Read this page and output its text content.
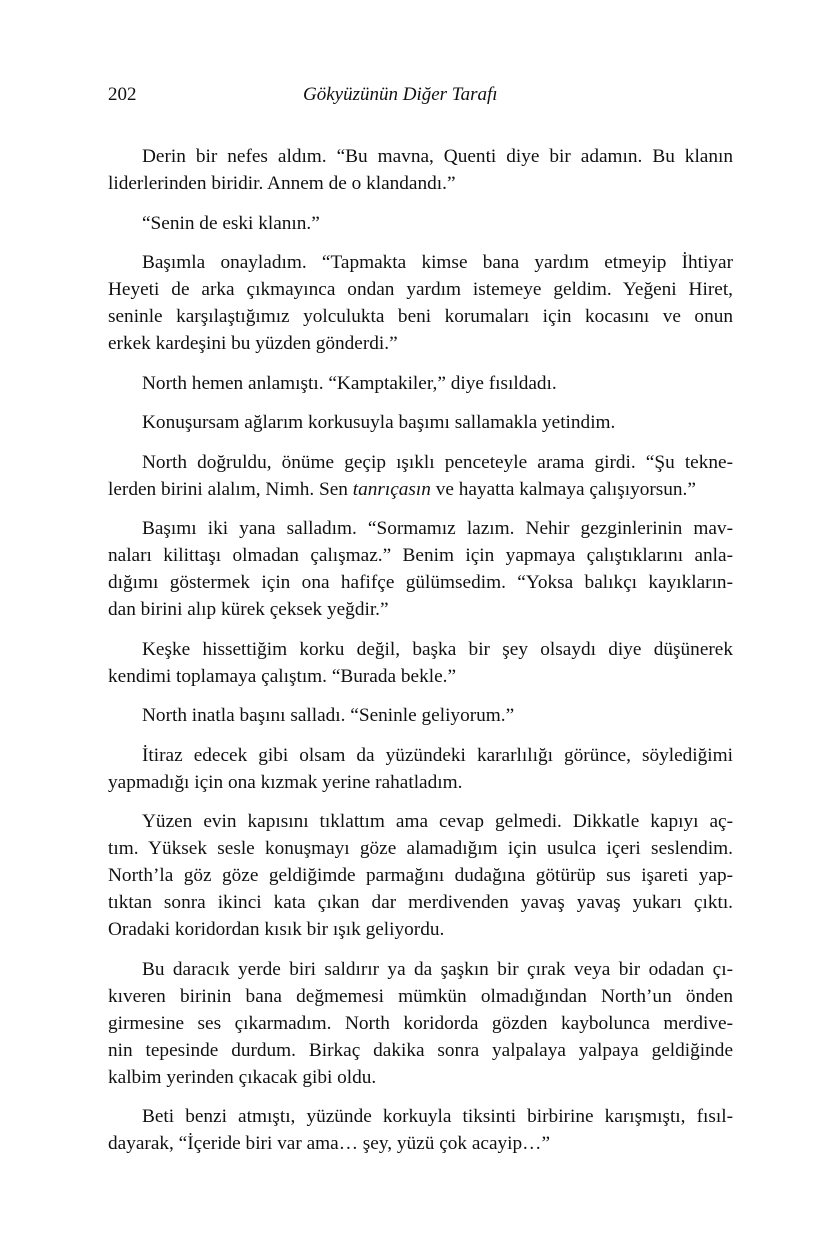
202	Gökyüzünün Diğer Tarafı
Derin bir nefes aldım. “Bu mavna, Quenti diye bir adamın. Bu klanın
liderlerinden biridir. Annem de o klandandı.”
“Senin de eski klanın.”
Başımla onayladım. “Tapmakta kimse bana yardım etmeyip İhtiyar
Heyeti de arka çıkmayınca ondan yardım istemeye geldim. Yeğeni Hiret,
seninle karşılaştığımız yolculukta beni korumaları için kocasını ve onun
erkek kardeşini bu yüzden gönderdi.”
North hemen anlamıştı. “Kamptakiler,” diye fısıldadı.
Konuşursam ağlarım korkusuyla başımı sallamakla yetindim.
North doğruldu, önüme geçip ışıklı penceteyle arama girdi. “Şu tekne-
lerden birini alalım, Nimh. Sen tanrıçasın ve hayatta kalmaya çalışıyorsun.”
Başımı iki yana salladım. “Sormamız lazım. Nehir gezginlerinin mav-
naları kilittaşı olmadan çalışmaz.” Benim için yapmaya çalıştıklarını anla-
dığımı göstermek için ona hafifçe gülümsedim. “Yoksa balıkçı kayıkların-
dan birini alıp kürek çeksek yeğdir.”
Keşke hissettiğim korku değil, başka bir şey olsaydı diye düşünerek
kendimi toplamaya çalıştım. “Burada bekle.”
North inatla başını salladı. “Seninle geliyorum.”
İtiraz edecek gibi olsam da yüzündeki kararlılığı görünce, söylediğimi
yapmadığı için ona kızmak yerine rahatladım.
Yüzen evin kapısını tıklattım ama cevap gelmedi. Dikkatle kapıyı aç-
tım. Yüksek sesle konuşmayı göze alamadığım için usulca içeri seslendim.
North’la göz göze geldiğimde parmağını dudağına götürüp sus işareti yap-
tıktan sonra ikinci kata çıkan dar merdivenden yavaş yavaş yukarı çıktı.
Oradaki koridordan kısık bir ışık geliyordu.
Bu daracık yerde biri saldırır ya da şaşkın bir çırak veya bir odadan çı-
kıveren birinin bana değmemesi mümkün olmadığından North’un önden
girmesine ses çıkarmadım. North koridorda gözden kaybolunca merdive-
nin tepesinde durdum. Birkaç dakika sonra yalpalaya yalpaya geldiğinde
kalbim yerinden çıkacak gibi oldu.
Beti benzi atmıştı, yüzünde korkuyla tiksinti birbirine karışmıştı, fısıl-
dayarak, “İçeride biri var ama… şey, yüzü çok acayip…”
